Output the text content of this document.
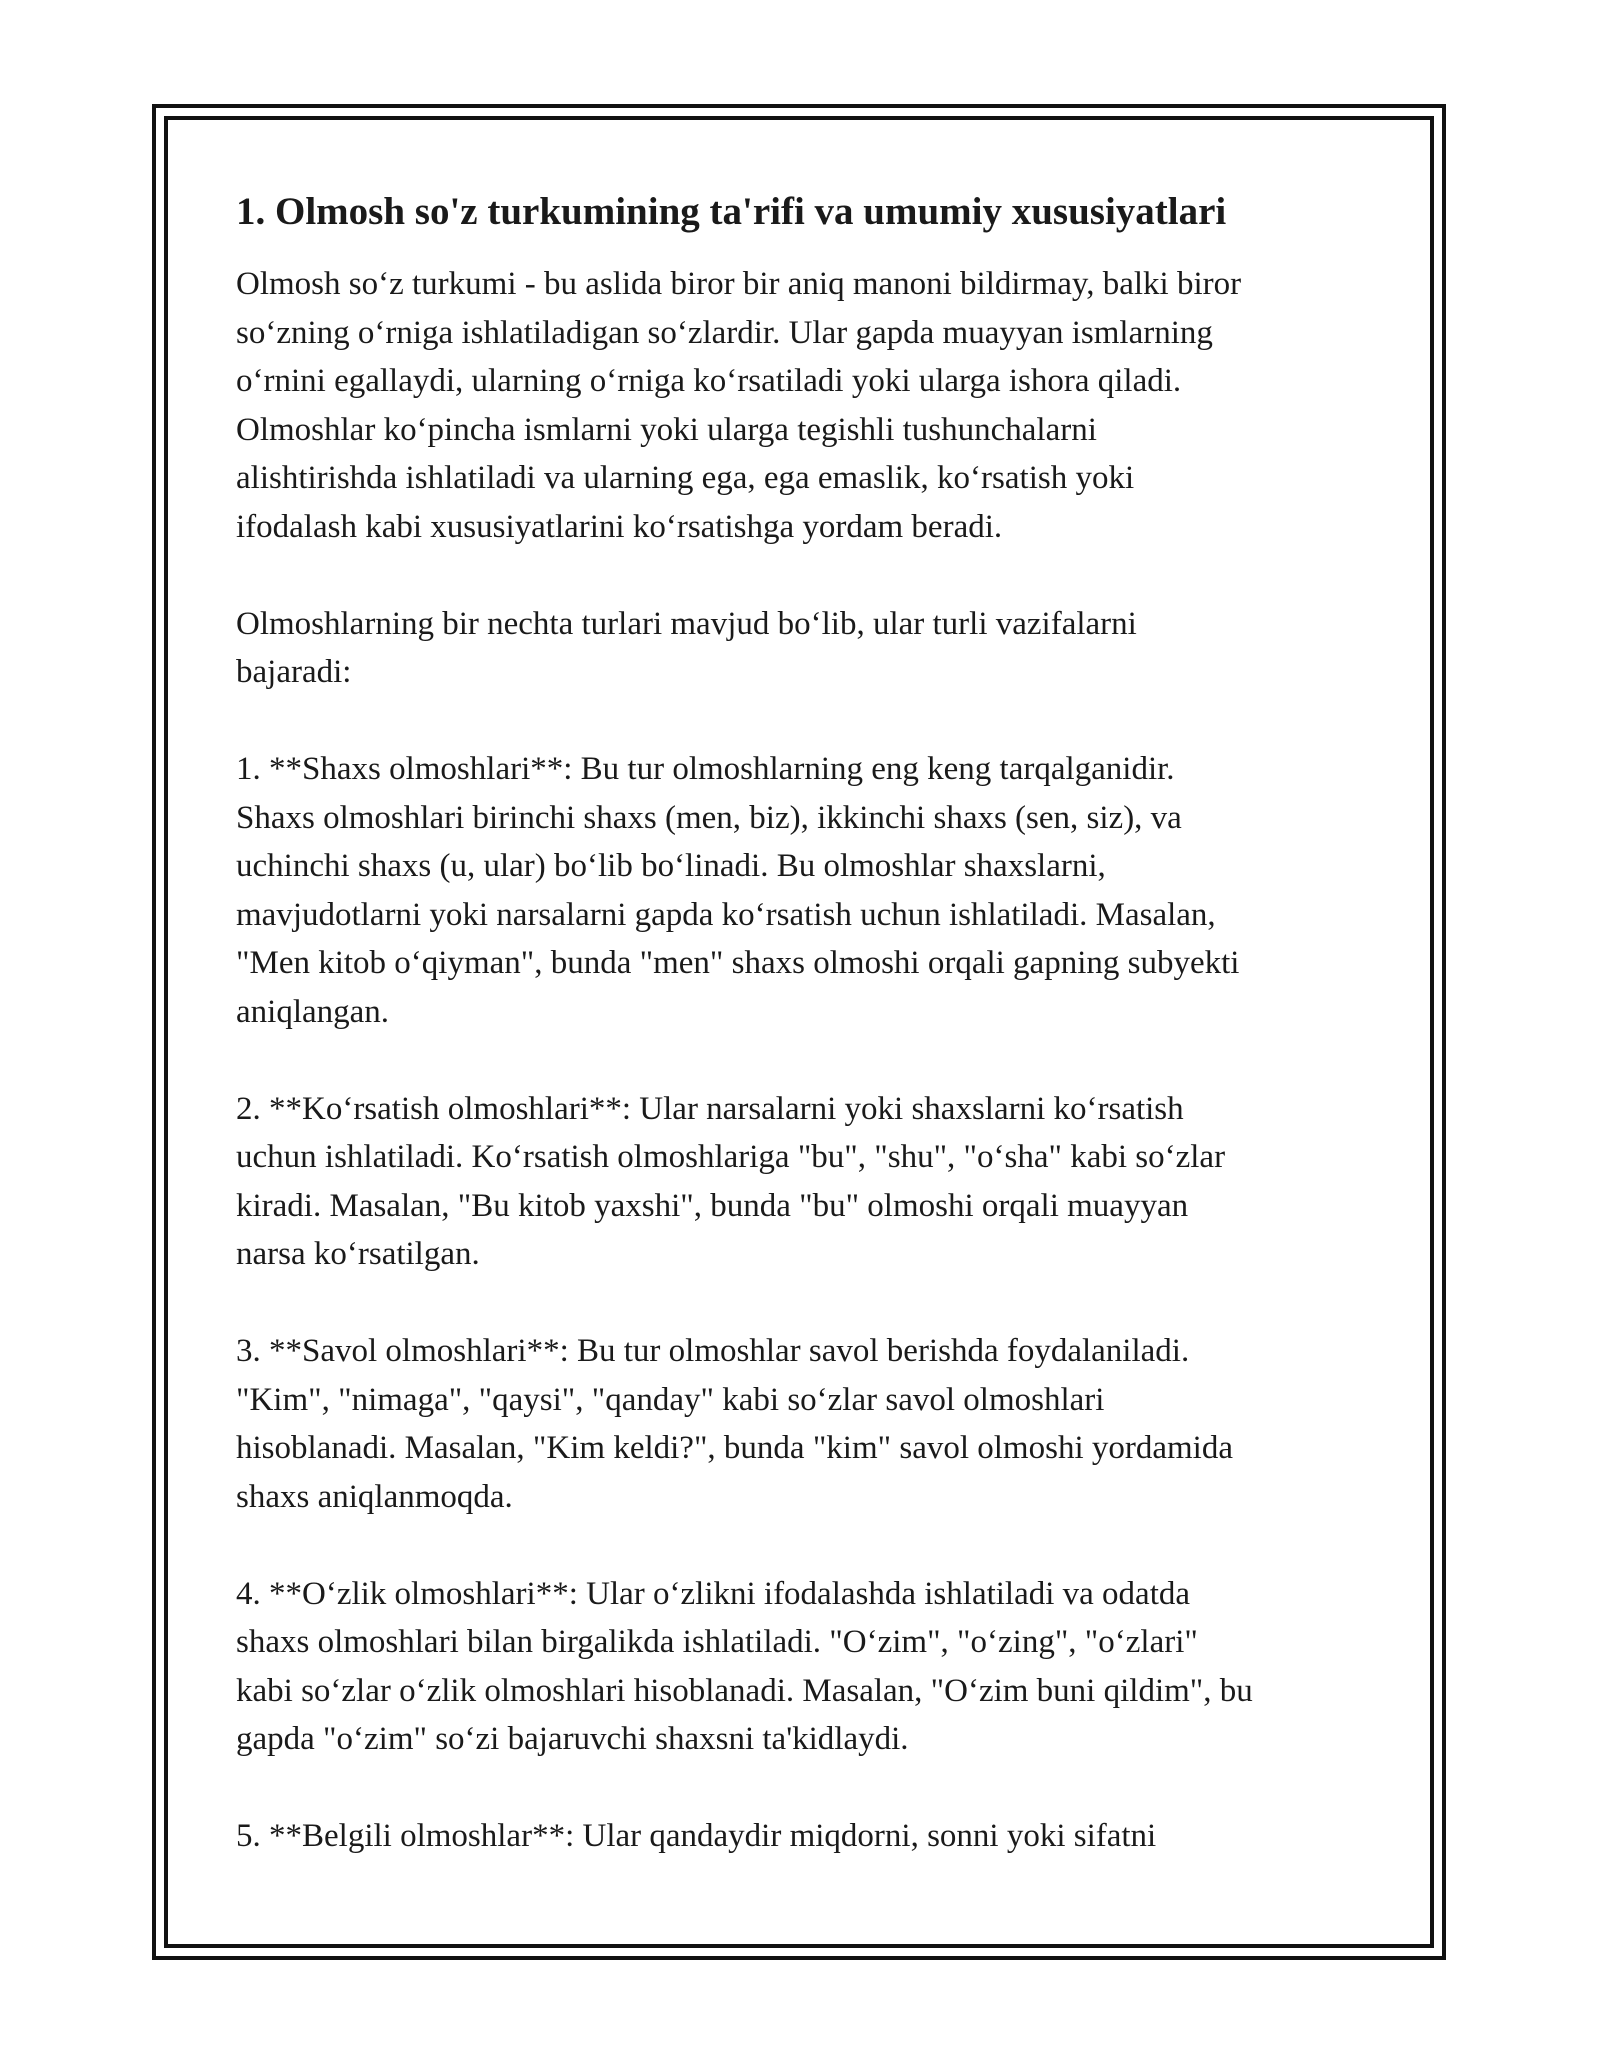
1. Olmosh so'z turkumining ta'rifi va umumiy xususiyatlari

Olmosh so‘z turkumi - bu aslida biror bir aniq manoni bildirmay, balki biror
so‘zning o‘rniga ishlatiladigan so‘zlardir. Ular gapda muayyan ismlarning
o‘rnini egallaydi, ularning o‘rniga ko‘rsatiladi yoki ularga ishora qiladi.
Olmoshlar ko‘pincha ismlarni yoki ularga tegishli tushunchalarni
alishtirishda ishlatiladi va ularning ega, ega emaslik, ko‘rsatish yoki
ifodalash kabi xususiyatlarini ko‘rsatishga yordam beradi.

Olmoshlarning bir nechta turlari mavjud bo‘lib, ular turli vazifalarni
bajaradi:

1. **Shaxs olmoshlari**: Bu tur olmoshlarning eng keng tarqalganidir.
Shaxs olmoshlari birinchi shaxs (men, biz), ikkinchi shaxs (sen, siz), va
uchinchi shaxs (u, ular) bo‘lib bo‘linadi. Bu olmoshlar shaxslarni,
mavjudotlarni yoki narsalarni gapda ko‘rsatish uchun ishlatiladi. Masalan,
"Men kitob o‘qiyman", bunda "men" shaxs olmoshi orqali gapning subyekti
aniqlangan.

2. **Ko‘rsatish olmoshlari**: Ular narsalarni yoki shaxslarni ko‘rsatish
uchun ishlatiladi. Ko‘rsatish olmoshlariga "bu", "shu", "o‘sha" kabi so‘zlar
kiradi. Masalan, "Bu kitob yaxshi", bunda "bu" olmoshi orqali muayyan
narsa ko‘rsatilgan.

3. **Savol olmoshlari**: Bu tur olmoshlar savol berishda foydalaniladi.
"Kim", "nimaga", "qaysi", "qanday" kabi so‘zlar savol olmoshlari
hisoblanadi. Masalan, "Kim keldi?", bunda "kim" savol olmoshi yordamida
shaxs aniqlanmoqda.

4. **O‘zlik olmoshlari**: Ular o‘zlikni ifodalashda ishlatiladi va odatda
shaxs olmoshlari bilan birgalikda ishlatiladi. "O‘zim", "o‘zing", "o‘zlari"
kabi so‘zlar o‘zlik olmoshlari hisoblanadi. Masalan, "O‘zim buni qildim", bu
gapda "o‘zim" so‘zi bajaruvchi shaxsni ta'kidlaydi.

5. **Belgili olmoshlar**: Ular qandaydir miqdorni, sonni yoki sifatni
